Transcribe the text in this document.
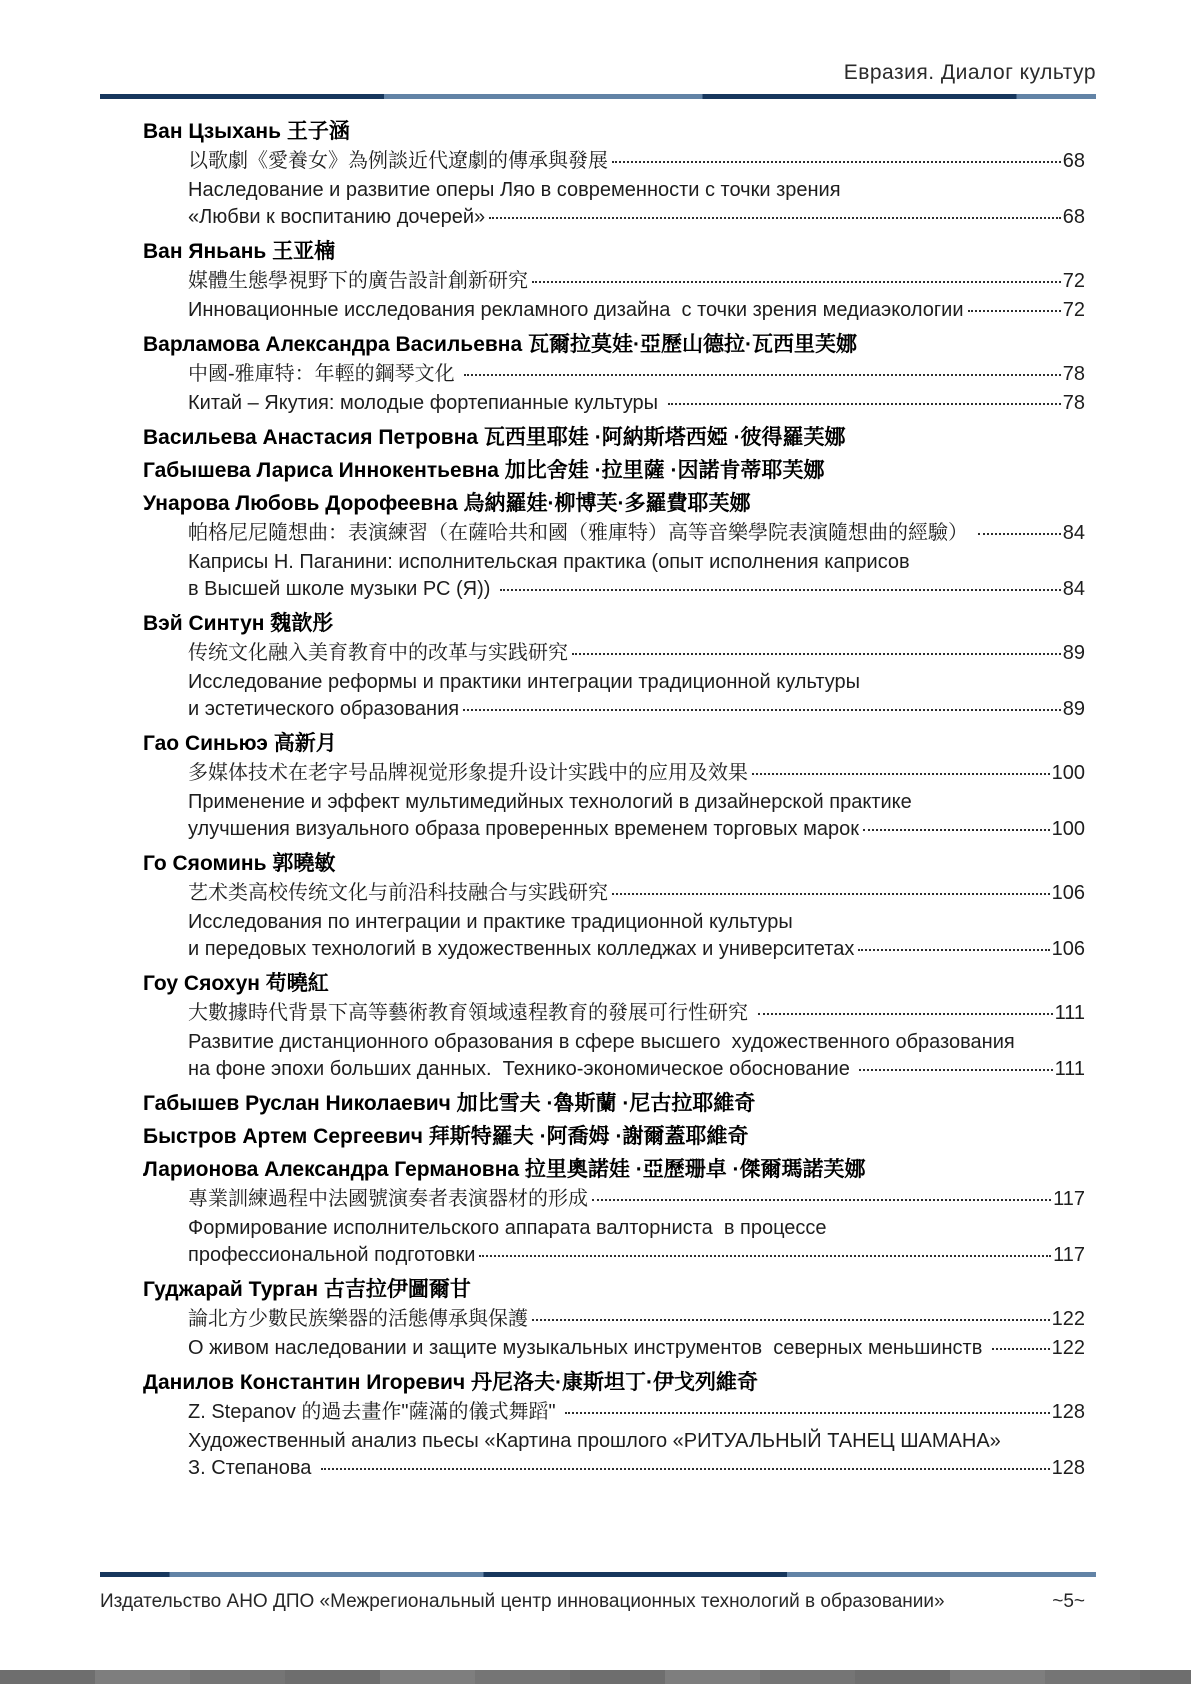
Евразия. Диалог культур
Ван Цзыхань 王子涵
以歌劇《愛養女》為例談近代遼劇的傳承與發展	68
Наследование и развитие оперы Ляо в современности с точки зрения
«Любви к воспитанию дочерей»	68
Ван Яньань 王亚楠
媒體生態學視野下的廣告設計創新研究	72
Инновационные исследования рекламного дизайна  с точки зрения медиаэкологии	72
Варламова Александра Васильевна 瓦爾拉莫娃·亞歷山德拉·瓦西里芙娜
中國-雅庫特：年輕的鋼琴文化	78
Китай – Якутия: молодые фортепианные культуры	78
Васильева Анастасия Петровна 瓦西里耶娃 ·阿納斯塔西婭 ·彼得羅芙娜
Габышева Лариса Иннокентьевна 加比舍娃 ·拉里薩 ·因諾肯蒂耶芙娜
Унарова Любовь Дорофеевна 烏納羅娃·柳博芙·多羅費耶芙娜
帕格尼尼隨想曲：表演練習（在薩哈共和國（雅庫特）高等音樂學院表演隨想曲的經驗）	84
Каприсы Н. Паганини: исполнительская практика (опыт исполнения каприсов
в Высшей школе музыки РС (Я))	84
Вэй Синтун 魏歆彤
传统文化融入美育教育中的改革与实践研究	89
Исследование реформы и практики интеграции традиционной культуры
и эстетического образования	89
Гао Синьюэ 高新月
多媒体技术在老字号品牌视觉形象提升设计实践中的应用及效果	100
Применение и эффект мультимедийных технологий в дизайнерской практике
улучшения визуального образа проверенных временем торговых марок	100
Го Сяоминь 郭曉敏
艺术类高校传统文化与前沿科技融合与实践研究	106
Исследования по интеграции и практике традиционной культуры
и передовых технологий в художественных колледжах и университетах	106
Гоу Сяохун 苟曉紅
大數據時代背景下高等藝術教育領域遠程教育的發展可行性研究	111
Развитие дистанционного образования в сфере высшего  художественного образования
на фоне эпохи больших данных.  Технико-экономическое обоснование	111
Габышев Руслан Николаевич 加比雪夫 ·魯斯蘭 ·尼古拉耶維奇
Быстров Артем Сергеевич 拜斯特羅夫 ·阿喬姆 ·謝爾蓋耶維奇
Ларионова Александра Германовна 拉里奧諾娃 ·亞歷珊卓 ·傑爾瑪諾芙娜
專業訓練過程中法國號演奏者表演器材的形成	117
Формирование исполнительского аппарата валторниста  в процессе
профессиональной подготовки	117
Гуджарай Турган 古吉拉伊圖爾甘
論北方少數民族樂器的活態傳承與保護	122
О живом наследовании и защите музыкальных инструментов  северных меньшинств	122
Данилов Константин Игоревич 丹尼洛夫·康斯坦丁·伊戈列維奇
Z. Stepanov 的過去畫作"薩滿的儀式舞蹈"	128
Художественный анализ пьесы «Картина прошлого «РИТУАЛЬНЫЙ ТАНЕЦ ШАМАНА»
З. Степанова	128
Издательство АНО ДПО «Межрегиональный центр инновационных технологий в образовании»	~5~
